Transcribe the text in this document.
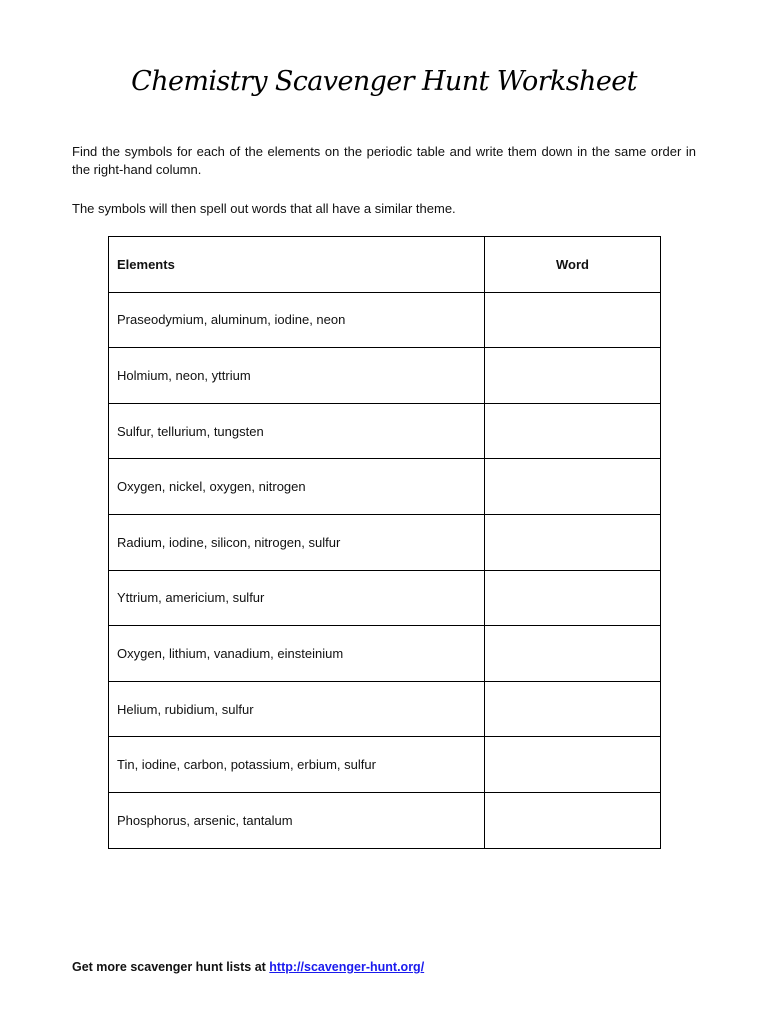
Chemistry Scavenger Hunt Worksheet

Find the symbols for each of the elements on the periodic table and write them down in the same order in the right-hand column.

The symbols will then spell out words that all have a similar theme.

Elements	Word
Praseodymium, aluminum, iodine, neon	
Holmium, neon, yttrium	
Sulfur, tellurium, tungsten	
Oxygen, nickel, oxygen, nitrogen	
Radium, iodine, silicon, nitrogen, sulfur	
Yttrium, americium, sulfur	
Oxygen, lithium, vanadium, einsteinium	
Helium, rubidium, sulfur	
Tin, iodine, carbon, potassium, erbium, sulfur	
Phosphorus, arsenic, tantalum	
Get more scavenger hunt lists at http://scavenger-hunt.org/
